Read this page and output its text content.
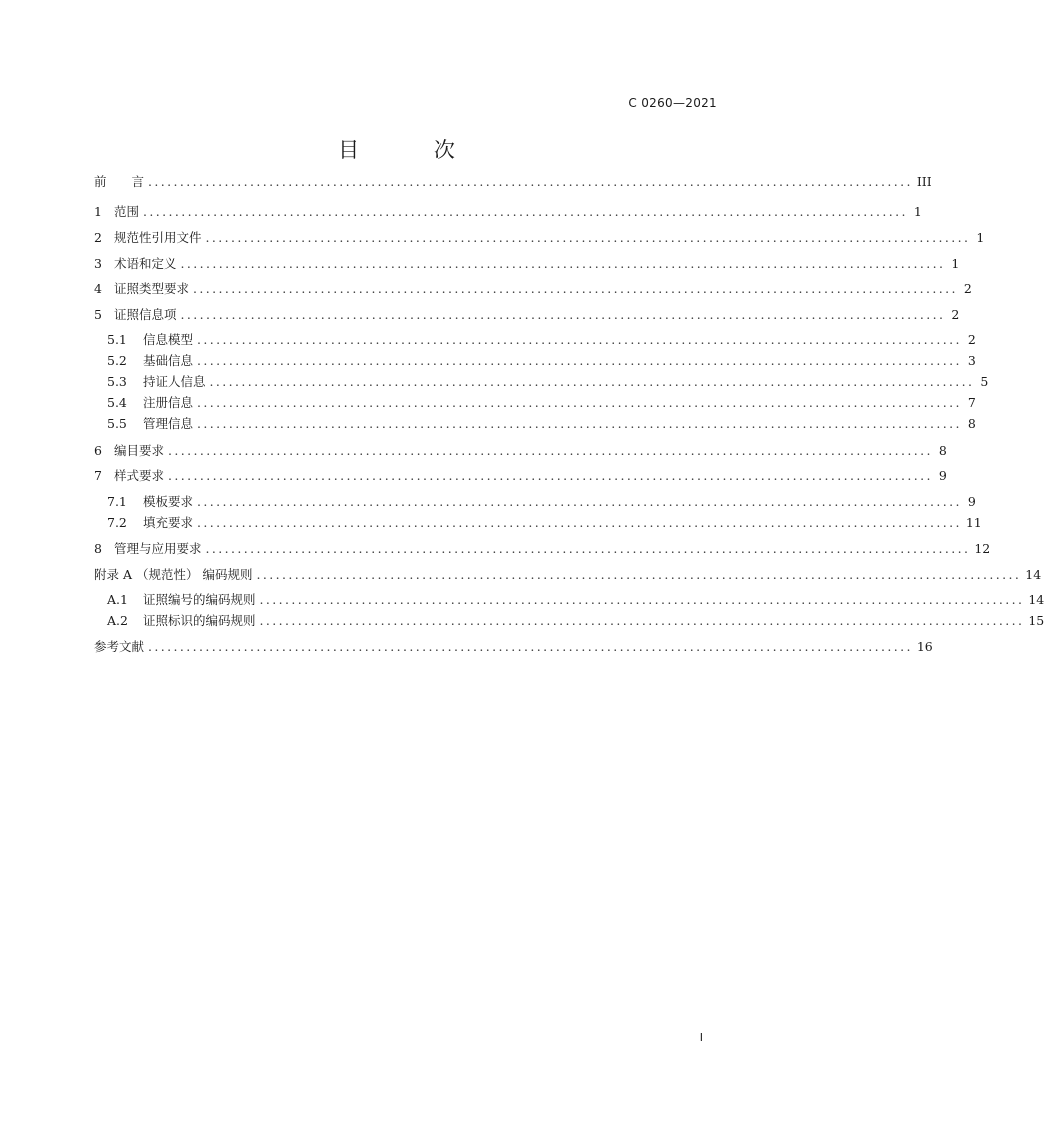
C 0260—2021
目 次
前　　言 ........................................................................................................................ III
1 范围 ........................................................................................................................ 1
2 规范性引用文件 ........................................................................................................................ 1
3 术语和定义 ........................................................................................................................ 1
4 证照类型要求 ........................................................................................................................ 2
5 证照信息项 ........................................................................................................................ 2
5.1	信息模型 ........................................................................................................................ 2
5.2	基础信息 ........................................................................................................................ 3
5.3	持证人信息 ........................................................................................................................ 5
5.4	注册信息 ........................................................................................................................ 7
5.5	管理信息 ........................................................................................................................ 8
6 编目要求 ........................................................................................................................ 8
7 样式要求 ........................................................................................................................ 9
7.1	模板要求 ........................................................................................................................ 9
7.2	填充要求 ........................................................................................................................ 11
8 管理与应用要求 ........................................................................................................................ 12
附录 A （规范性） 编码规则 ........................................................................................................................ 14
A.1	证照编号的编码规则 ........................................................................................................................ 14
A.2	证照标识的编码规则 ........................................................................................................................ 15
参考文献 ........................................................................................................................ 16
I
